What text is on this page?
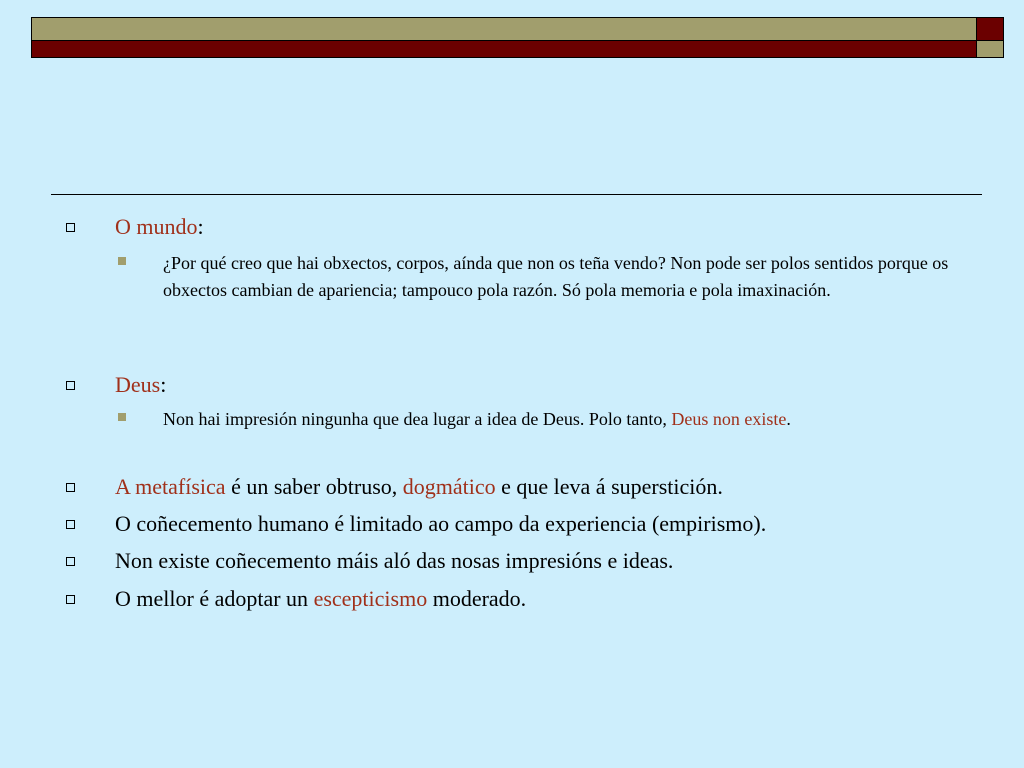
O mundo:
¿Por qué creo que hai obxectos, corpos, aínda que non os teña vendo? Non pode ser polos sentidos porque os obxectos cambian de apariencia; tampouco pola razón. Só pola memoria e pola imaxinación.
Deus:
Non hai impresión ningunha que dea lugar a idea de Deus. Polo tanto, Deus non existe.
A metafísica é un saber obtruso, dogmático e que leva á superstición.
O coñecemento humano é limitado ao campo da experiencia (empirismo).
Non existe coñecemento máis aló das nosas impresións e ideas.
O mellor é adoptar un escepticismo moderado.
